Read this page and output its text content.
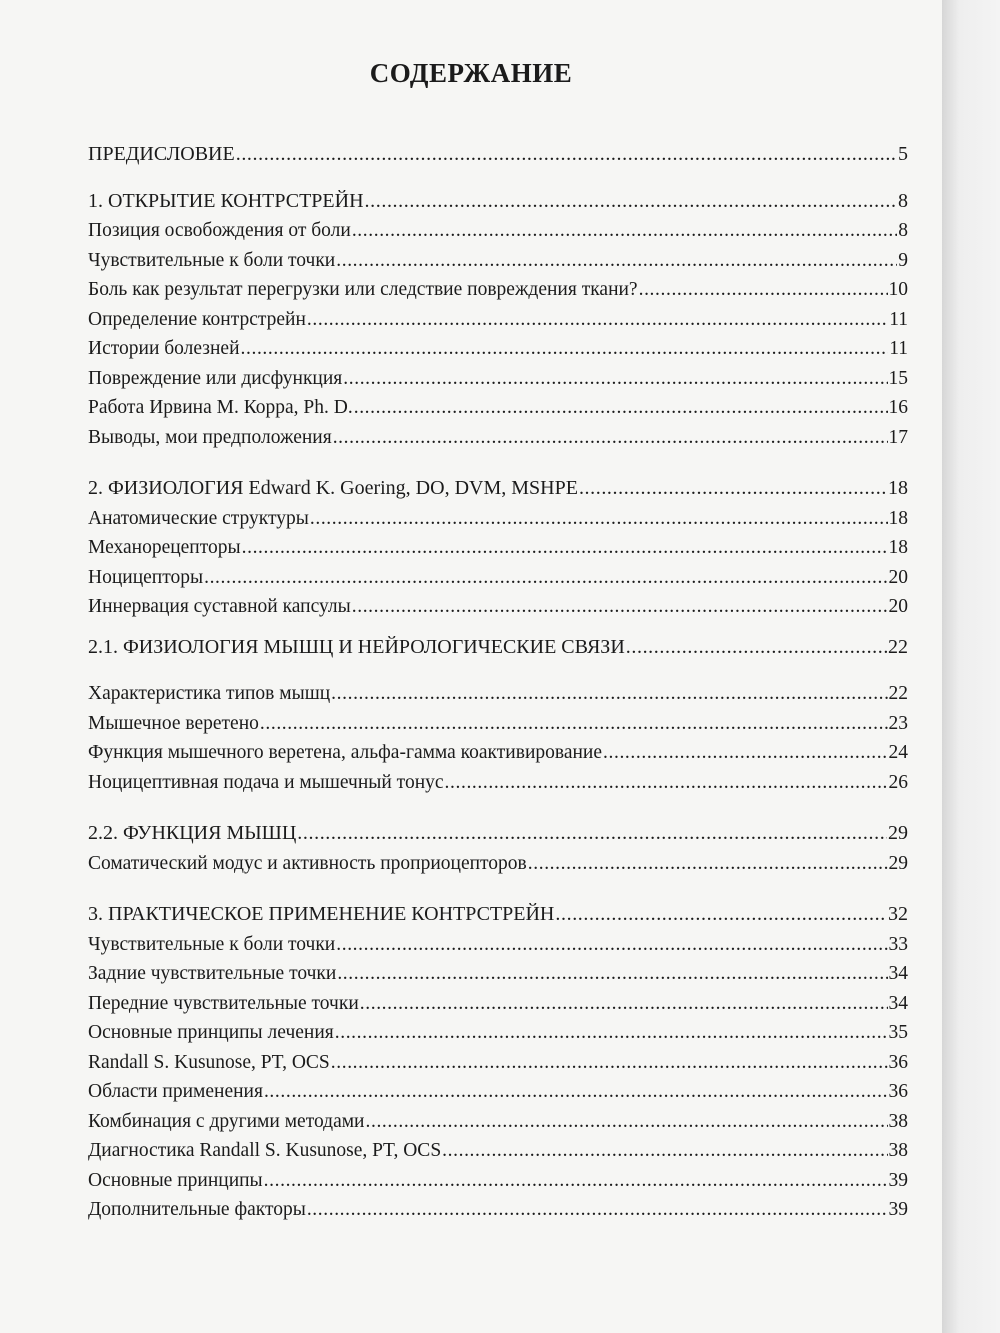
СОДЕРЖАНИЕ
ПРЕДИСЛОВИЕ .....	5
1. ОТКРЫТИЕ КОНТРСТРЕЙН .....	8
Позиция освобождения от боли .....	8
Чувствительные к боли точки .....	9
Боль как результат перегрузки или следствие повреждения ткани? .....	10
Определение контрстрейн .....	11
Истории болезней .....	11
Повреждение или дисфункция .....	15
Работа Ирвина М. Корра, Ph. D. .....	16
Выводы, мои предположения .....	17
2. ФИЗИОЛОГИЯ Edward K. Goering, DO, DVM, MSHPE .....	18
Анатомические структуры .....	18
Механорецепторы .....	18
Ноцицепторы .....	20
Иннервация суставной капсулы .....	20
2.1. ФИЗИОЛОГИЯ МЫШЦ И НЕЙРОЛОГИЧЕСКИЕ СВЯЗИ .....	22
Характеристика типов мышц .....	22
Мышечное веретено .....	23
Функция мышечного веретена, альфа-гамма коактивирование .....	24
Ноцицептивная подача и мышечный тонус .....	26
2.2. ФУНКЦИЯ МЫШЦ .....	29
Соматический модус и активность проприоцепторов .....	29
3. ПРАКТИЧЕСКОЕ ПРИМЕНЕНИЕ КОНТРСТРЕЙН .....	32
Чувствительные к боли точки .....	33
Задние чувствительные точки .....	34
Передние чувствительные точки .....	34
Основные принципы лечения .....	35
Randall S. Kusunose, PT, OCS .....	36
Области применения .....	36
Комбинация с другими методами .....	38
Диагностика Randall S. Kusunose, PT, OCS .....	38
Основные принципы .....	39
Дополнительные факторы .....	39
